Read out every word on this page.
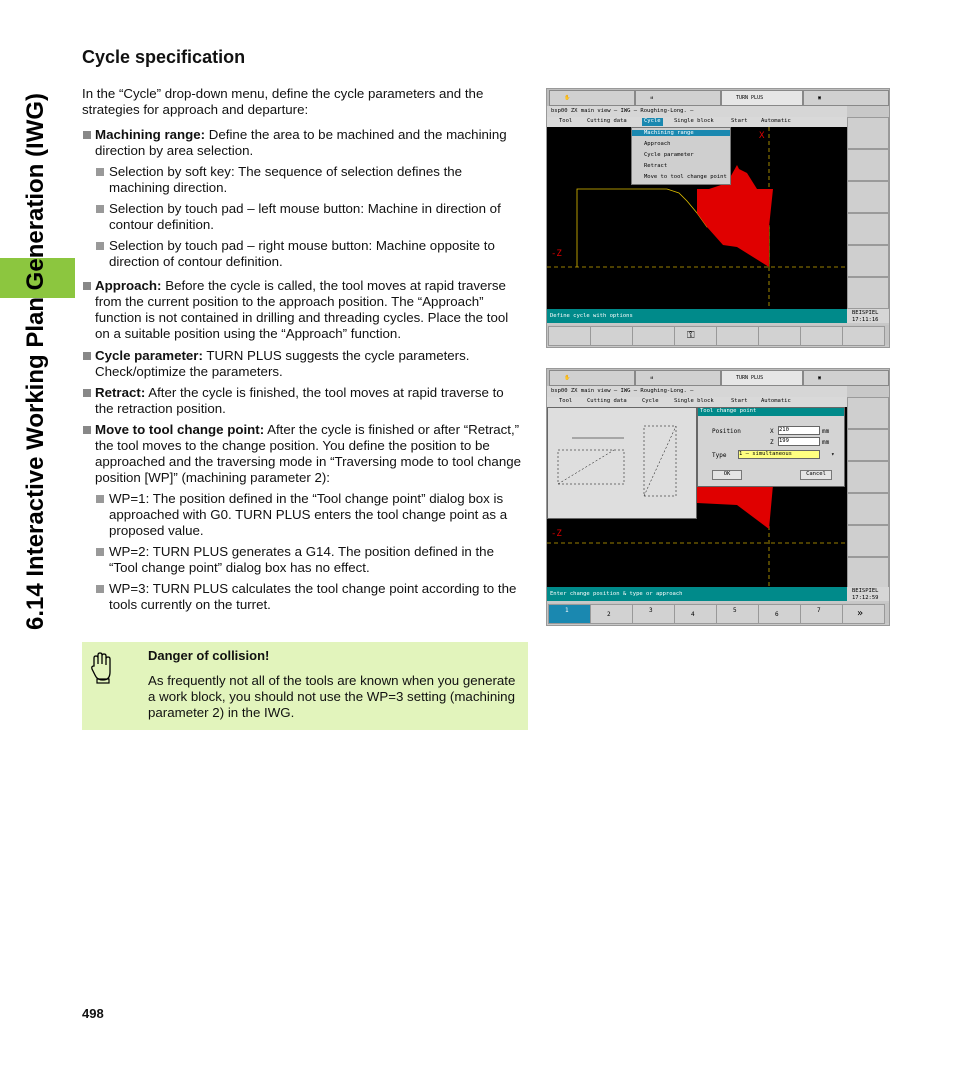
6.14 Interactive Working Plan Generation (IWG)
Cycle specification

In the “Cycle” drop-down menu, define the cycle parameters and the strategies for approach and departure:

Machining range: Define the area to be machined and the machining direction by area selection.
Selection by soft key: The sequence of selection defines the machining direction.
Selection by touch pad – left mouse button: Machine in direction of contour definition.
Selection by touch pad – right mouse button: Machine opposite to direction of contour definition.
Approach: Before the cycle is called, the tool moves at rapid traverse from the current position to the approach position. The “Approach” function is not contained in drilling and threading cycles. Place the tool on a suitable position using the “Approach” function.
Cycle parameter: TURN PLUS suggests the cycle parameters. Check/optimize the parameters.
Retract: After the cycle is finished, the tool moves at rapid traverse to the retraction position.
Move to tool change point: After the cycle is finished or after “Retract,” the tool moves to the change position. You define the position to be approached and the traversing mode in “Traversing mode to tool change position [WP]” (machining parameter 2):
WP=1: The position defined in the “Tool change point” dialog box is approached with G0. TURN PLUS enters the tool change point as a proposed value.
WP=2: TURN PLUS generates a G14. The position defined in the “Tool change point” dialog box has no effect.
WP=3: TURN PLUS calculates the tool change point according to the tools currently on the turret.
Danger of collision!
As frequently not all of the tools are known when you generate a work block, you should not use the WP=3 setting (machining parameter 2) in the IWG.
498
✋	⇉	TURN PLUS	▣
bsp00 ZX main view – IWG – Roughing-Long. –
Tool	Cutting data	Cycle	Single block	Start Automatic
X
-Z
Machining range
Approach
Cycle parameter
Retract
Move to tool change point
Define cycle with options	BEISPIEL
17:11:16
⚿
✋	⇉	TURN PLUS	▣
bsp00 ZX main view – IWG – Roughing-Long. –
Tool	Cutting data	Cycle	Single block	Start Automatic
-Z
Tool change point
Position	X 210	mm
Z 199	mm
Type 1 – simultaneous	▾
OK	Cancel
Enter change position & type or approach	BEISPIEL
17:12:59
1
2
3
4
5
6
7	»
